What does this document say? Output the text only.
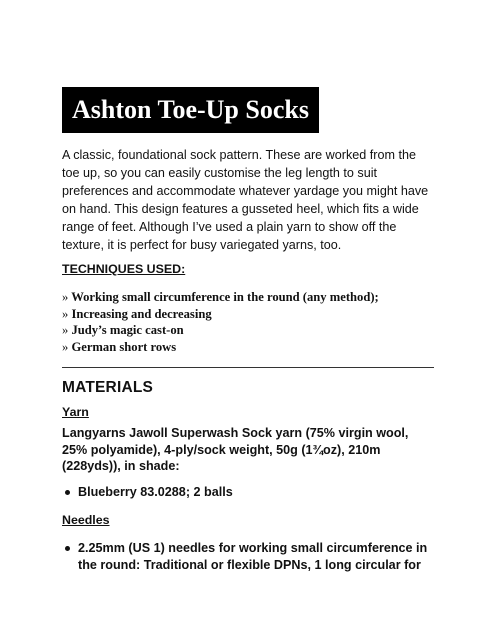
Ashton Toe-Up Socks

A classic, foundational sock pattern. These are worked from the toe up, so you can easily customise the leg length to suit preferences and accommodate whatever yardage you might have on hand. This design features a gusseted heel, which fits a wide range of feet. Although I’ve used a plain yarn to show off the texture, it is perfect for busy variegated yarns, too.

TECHNIQUES USED:

» Working small circumference in the round (any method);
» Increasing and decreasing
» Judy’s magic cast-on
» German short rows
MATERIALS

Yarn

Langyarns Jawoll Superwash Sock yarn (75% virgin wool, 25% polyamide), 4-ply/sock weight, 50g (1¾oz), 210m (228yds)), in shade:

Blueberry 83.0288; 2 balls

Needles

2.25mm (US 1) needles for working small circumference in the round: Traditional or flexible DPNs, 1 long circular for
